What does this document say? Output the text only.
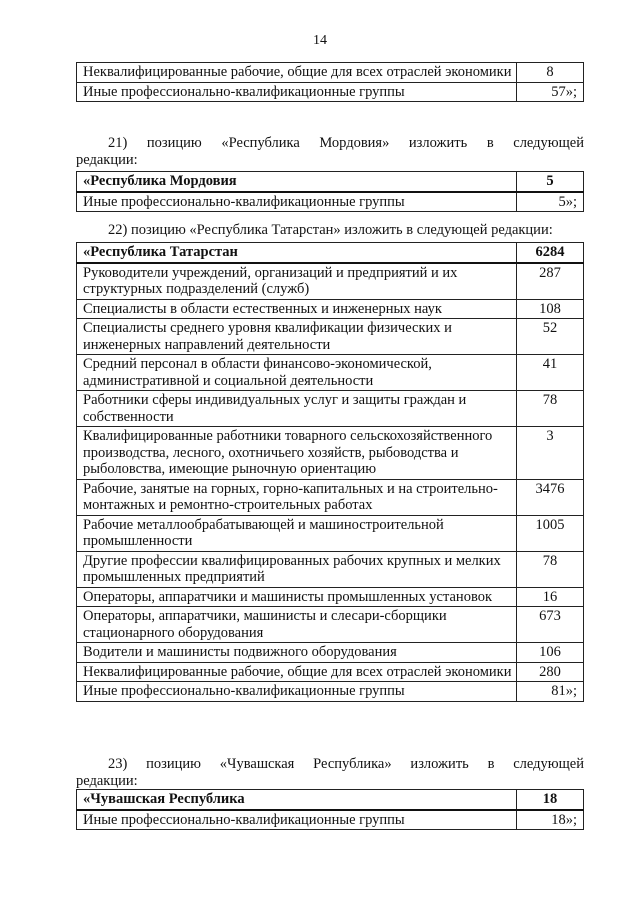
14
Неквалифицированные рабочие, общие для всех отраслей экономики	8
Иные профессионально-квалификационные группы	57»;
21) позицию «Республика Мордовия» изложить в следующей
редакции:
«Республика Мордовия	5
Иные профессионально-квалификационные группы	5»;
22) позицию «Республика Татарстан» изложить в следующей редакции:
«Республика Татарстан	6284
Руководители учреждений, организаций и предприятий и их структурных подразделений (служб)	287
Специалисты в области естественных и инженерных наук	108
Специалисты среднего уровня квалификации физических и инженерных направлений деятельности	52
Средний персонал в области финансово-экономической, административной и социальной деятельности	41
Работники сферы индивидуальных услуг и защиты граждан и собственности	78
Квалифицированные работники товарного сельскохозяйственного производства, лесного, охотничьего хозяйств, рыбоводства и рыболовства, имеющие рыночную ориентацию	3
Рабочие, занятые на горных, горно-капитальных и на строительно-монтажных и ремонтно-строительных работах	3476
Рабочие металлообрабатывающей и машиностроительной промышленности	1005
Другие профессии квалифицированных рабочих крупных и мелких промышленных предприятий	78
Операторы, аппаратчики и машинисты промышленных установок	16
Операторы, аппаратчики, машинисты и слесари-сборщики стационарного оборудования	673
Водители и машинисты подвижного оборудования	106
Неквалифицированные рабочие, общие для всех отраслей экономики	280
Иные профессионально-квалификационные группы	81»;
23) позицию «Чувашская Республика» изложить в следующей
редакции:
«Чувашская Республика	18
Иные профессионально-квалификационные группы	18»;
